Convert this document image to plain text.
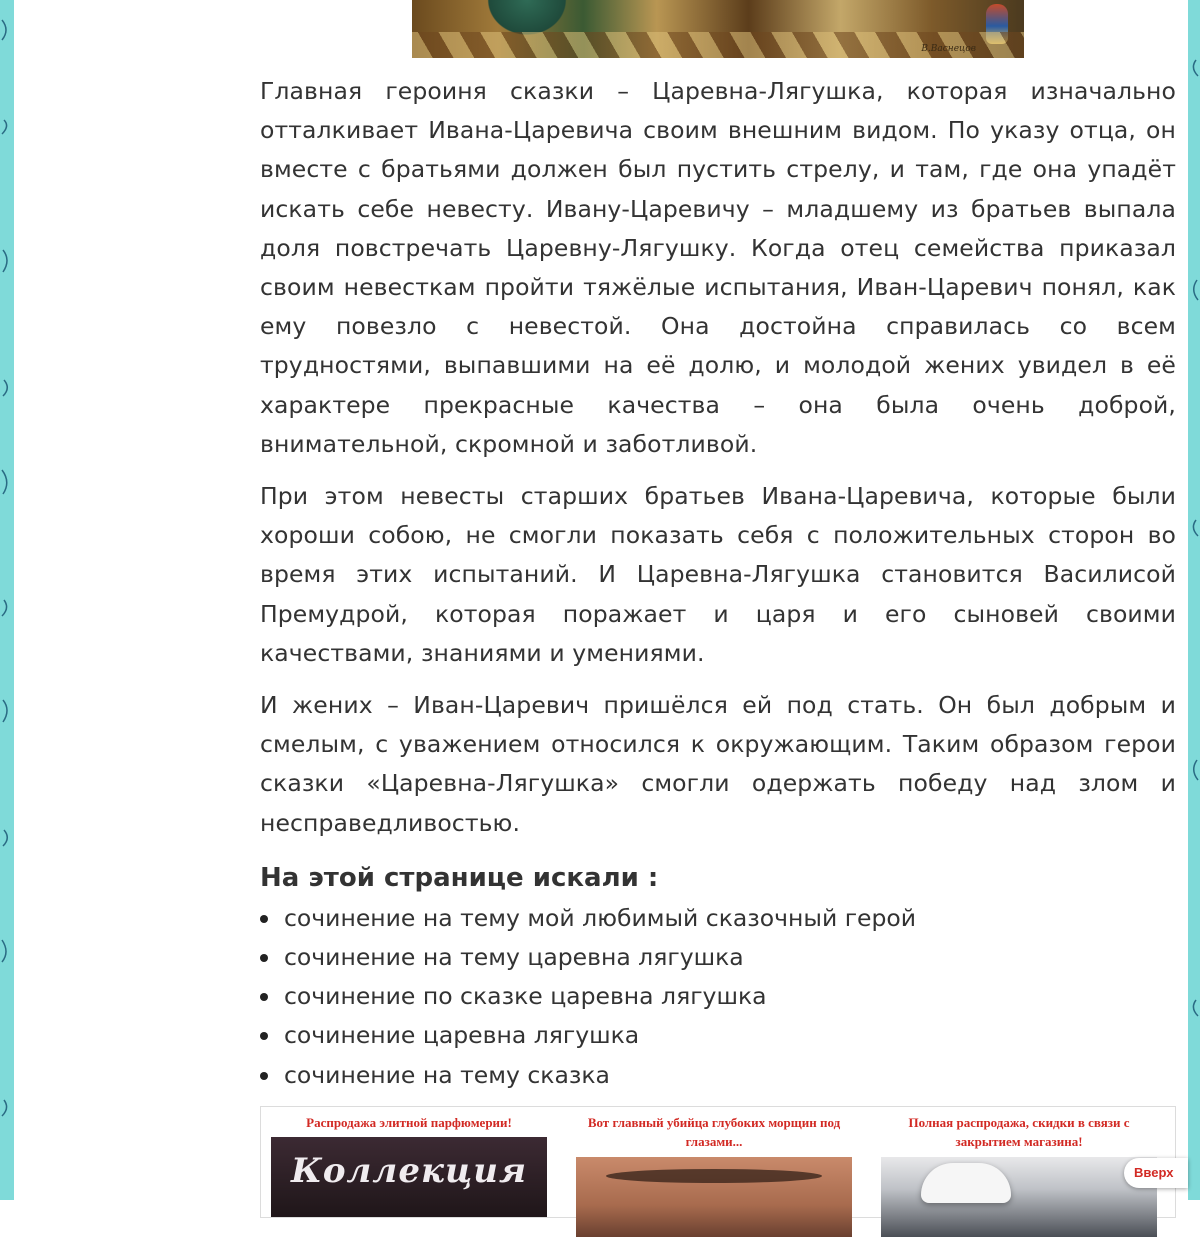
В.Васнецов

Главная героиня сказки – Царевна-Лягушка, которая изначально отталкивает Ивана-Царевича своим внешним видом. По указу отца, он вместе с братьями должен был пустить стрелу, и там, где она упадёт искать себе невесту. Ивану-Царевичу – младшему из братьев выпала доля повстречать Царевну-Лягушку. Когда отец семейства приказал своим невесткам пройти тяжёлые испытания, Иван-Царевич понял, как ему повезло с невестой. Она достойна справилась со всем трудностями, выпавшими на её долю, и молодой жених увидел в её характере прекрасные качества – она была очень доброй, внимательной, скромной и заботливой.

При этом невесты старших братьев Ивана-Царевича, которые были хороши собою, не смогли показать себя с положительных сторон во время этих испытаний. И Царевна-Лягушка становится Василисой Премудрой, которая поражает и царя и его сыновей своими качествами, знаниями и умениями.

И жених – Иван-Царевич пришёлся ей под стать. Он был добрым и смелым, с уважением относился к окружающим. Таким образом герои сказки «Царевна-Лягушка» смогли одержать победу над злом и несправедливостью.

На этой странице искали :
сочинение на тему мой любимый сказочный герой
сочинение на тему царевна лягушка
сочинение по сказке царевна лягушка
сочинение царевна лягушка
сочинение на тему сказка
Распродажа элитной парфюмерии!
Коллекция
Вот главный убийца глубоких морщин под глазами...
Полная распродажа, скидки в связи с закрытием магазина!
Вверх
